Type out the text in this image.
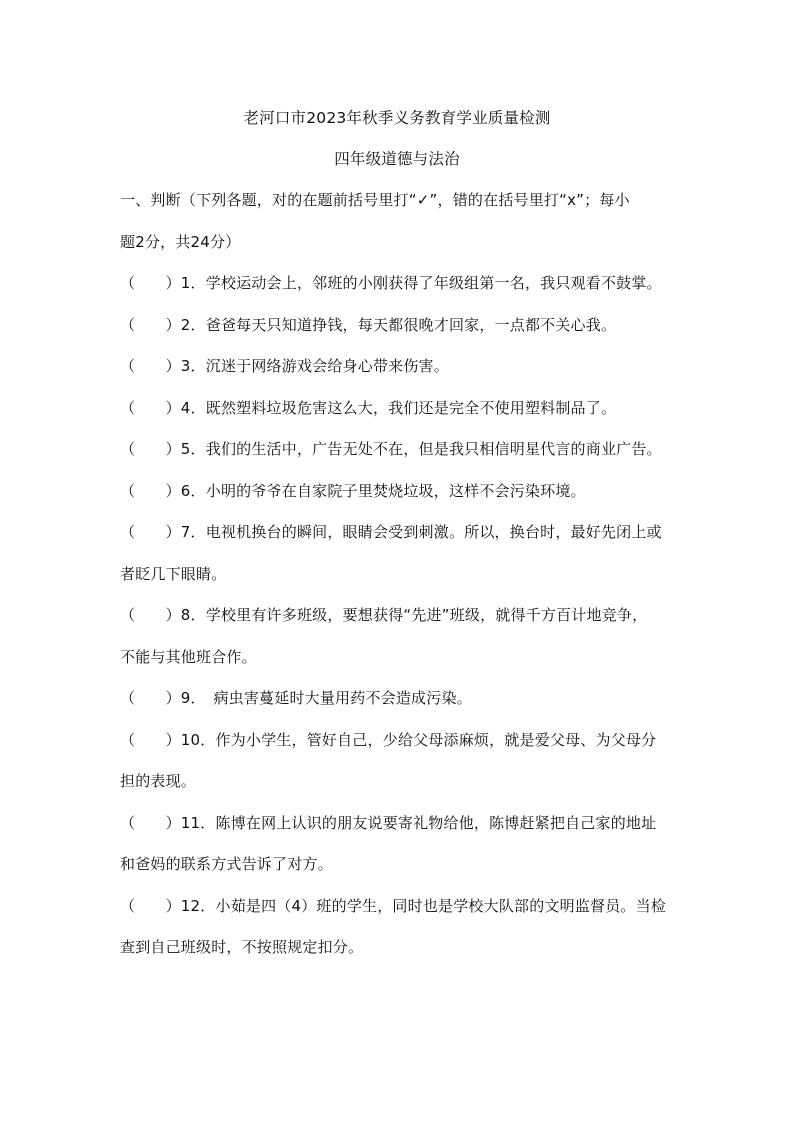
老河口市2023年秋季义务教育学业质量检测
四年级道德与法治
一、判断（下列各题，对的在题前括号里打“✓”，错的在括号里打“x”；每小
题2分，共24分）
（　　）1．学校运动会上，邻班的小刚获得了年级组第一名，我只观看不鼓掌。
（　　）2．爸爸每天只知道挣钱，每天都很晚才回家，一点都不关心我。
（　　）3．沉迷于网络游戏会给身心带来伤害。
（　　）4．既然塑料垃圾危害这么大，我们还是完全不使用塑料制品了。
（　　）5．我们的生活中，广告无处不在，但是我只相信明星代言的商业广告。
（　　）6．小明的爷爷在自家院子里焚烧垃圾，这样不会污染环境。
（　　）7．电视机换台的瞬间，眼睛会受到刺激。所以，换台时，最好先闭上或
者眨几下眼睛。
（　　）8．学校里有许多班级，要想获得“先进”班级，就得千方百计地竞争，
不能与其他班合作。
（　　）9．　病虫害蔓延时大量用药不会造成污染。
（　　）10．作为小学生，管好自己，少给父母添麻烦，就是爱父母、为父母分
担的表现。
（　　）11．陈博在网上认识的朋友说要寄礼物给他，陈博赶紧把自己家的地址
和爸妈的联系方式告诉了对方。
（　　）12．小茹是四（4）班的学生，同时也是学校大队部的文明监督员。当检
查到自己班级时，不按照规定扣分。
